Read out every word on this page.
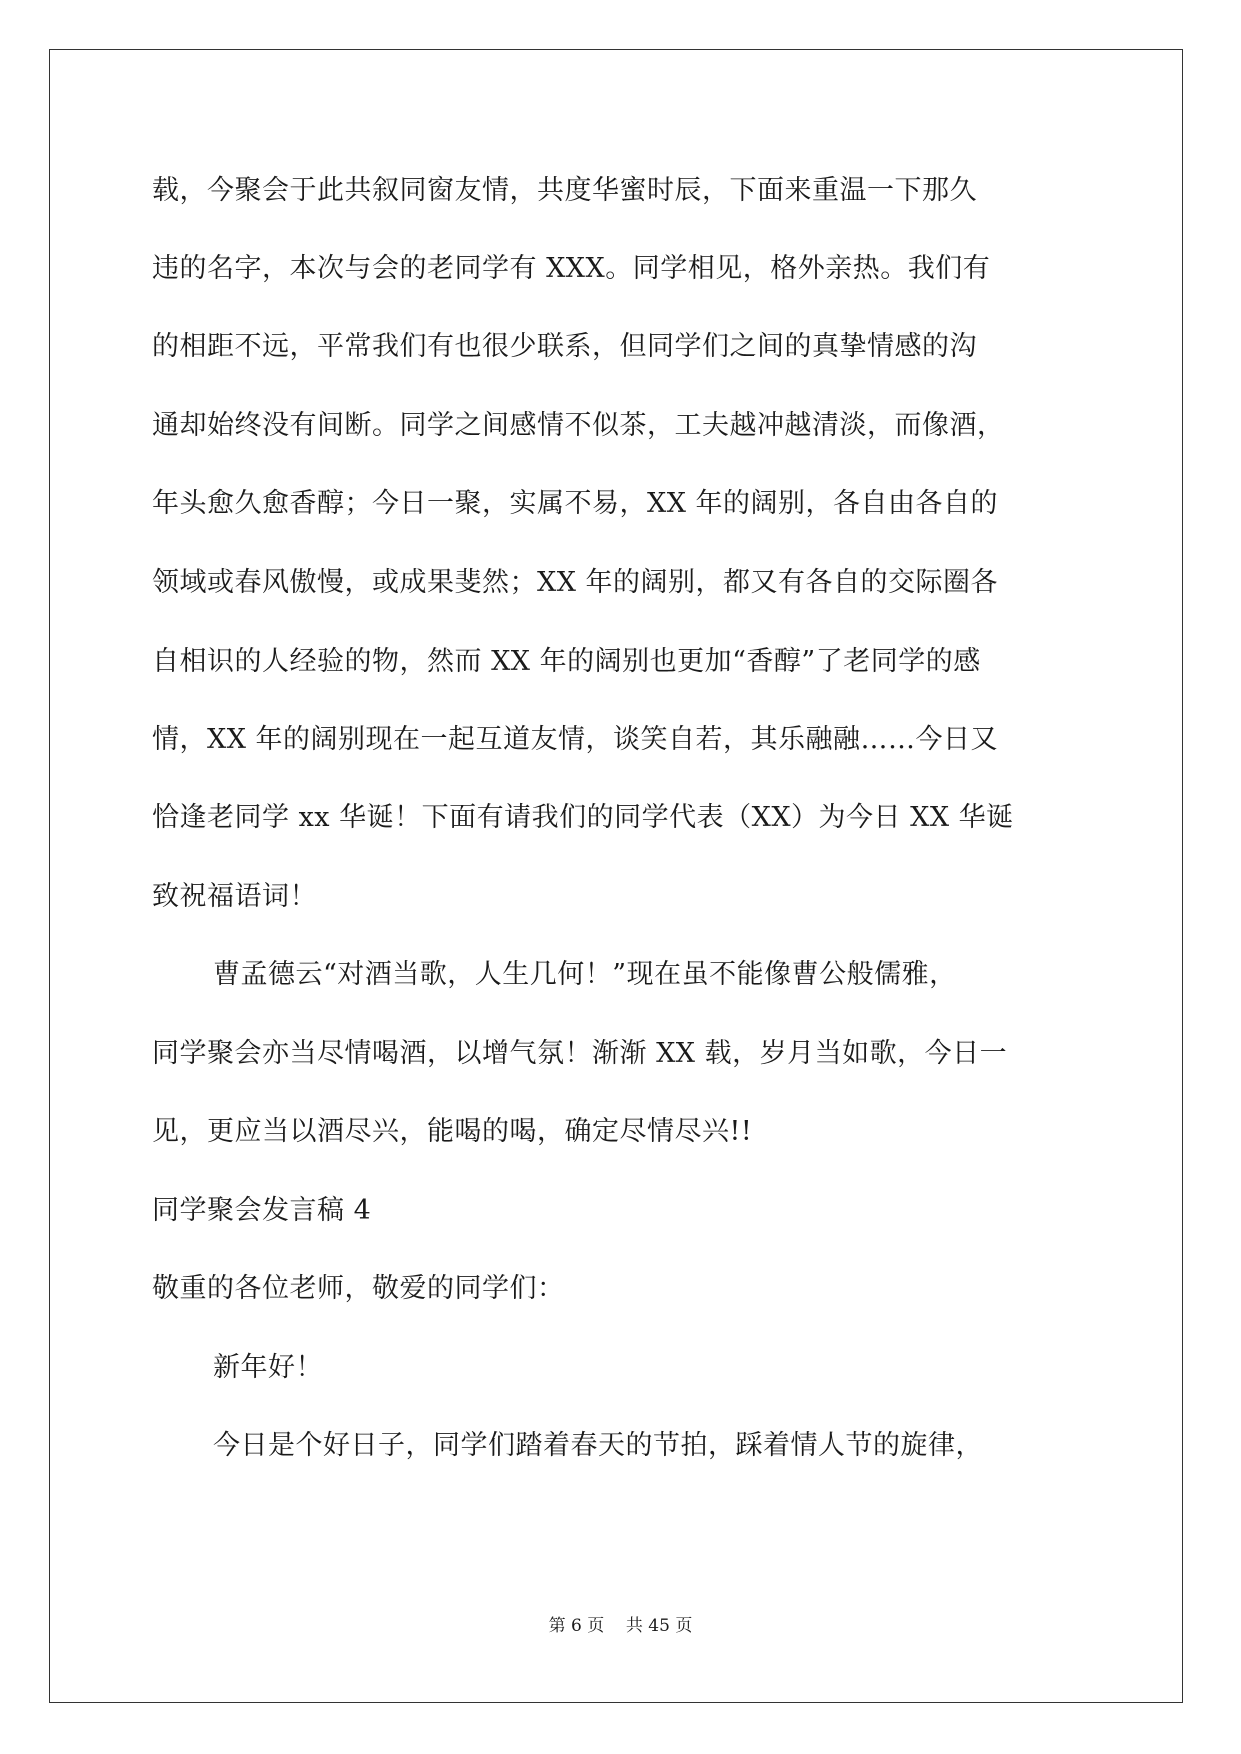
载，今聚会于此共叙同窗友情，共度华蜜时辰，下面来重温一下那久
违的名字，本次与会的老同学有 XXX。同学相见，格外亲热。我们有
的相距不远，平常我们有也很少联系，但同学们之间的真挚情感的沟
通却始终没有间断。同学之间感情不似茶，工夫越冲越清淡，而像酒，
年头愈久愈香醇；今日一聚，实属不易，XX 年的阔别，各自由各自的
领域或春风傲慢，或成果斐然；XX 年的阔别，都又有各自的交际圈各
自相识的人经验的物，然而 XX 年的阔别也更加“香醇”了老同学的感
情，XX 年的阔别现在一起互道友情，谈笑自若，其乐融融……今日又
恰逢老同学 xx 华诞！下面有请我们的同学代表（XX）为今日 XX 华诞
致祝福语词！
曹孟德云“对酒当歌，人生几何！”现在虽不能像曹公般儒雅，
同学聚会亦当尽情喝酒，以增气氛！渐渐 XX 载，岁月当如歌，今日一
见，更应当以酒尽兴，能喝的喝，确定尽情尽兴!!
同学聚会发言稿 4
敬重的各位老师，敬爱的同学们：
新年好！
今日是个好日子，同学们踏着春天的节拍，踩着情人节的旋律，
第 6 页    共 45 页
